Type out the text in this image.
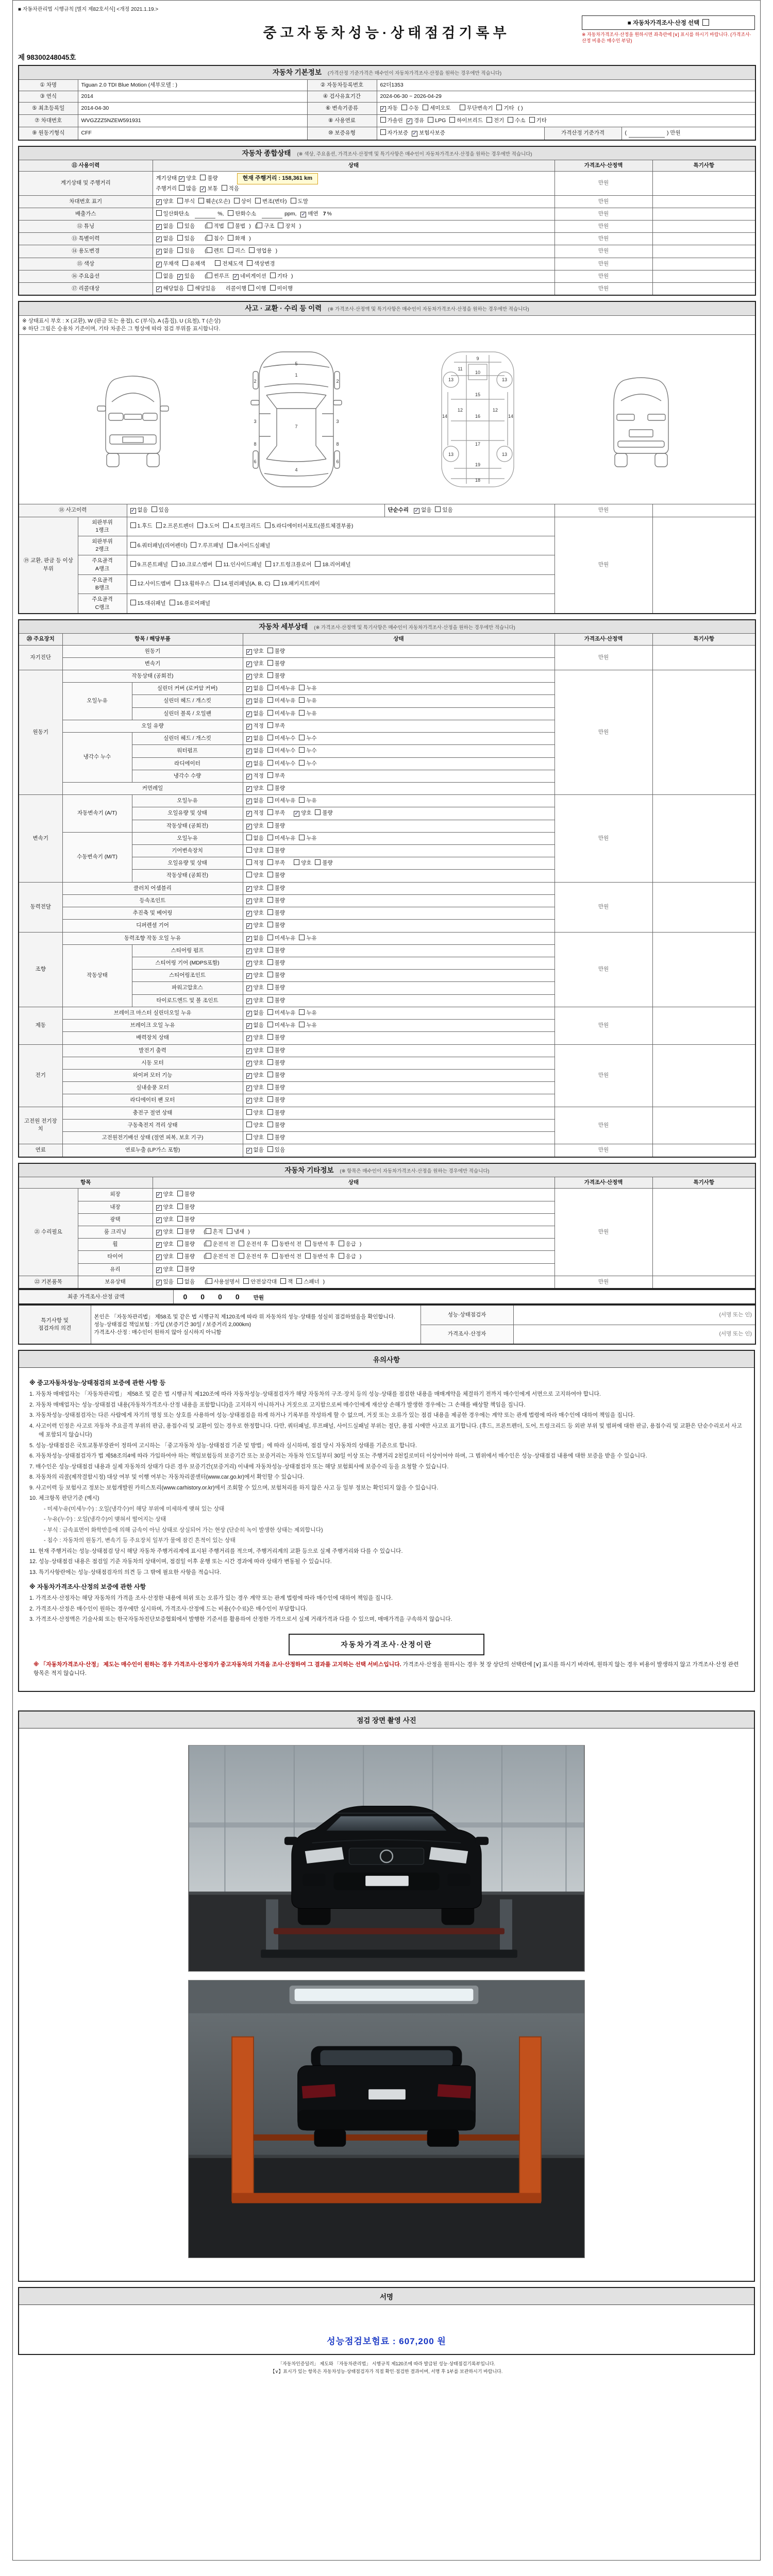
■ 자동차관리법 시행규칙 [별지 제82호서식] <개정 2021.1.19.>
중고자동차성능·상태점검기록부
■ 자동차가격조사·산정 선택
※ 자동차가격조사·산정을 원하시면 좌측란에 [∨] 표시를 하시기 바랍니다. (가격조사·산정 비용은 매수인 부담)
제 98300248045호
자동차 기본정보 (가격산정 기준가격은 매수인이 자동차가격조사·산정을 원하는 경우에만 적습니다)					
① 차명	Tiguan 2.0 TDI Blue Motion (세부모델 : )	② 자동차등록번호	62더1353		
③ 연식	2014	④ 검사유효기간	2024-06-30 ~ 2026-04-29		
⑤ 최초등록일	2014-04-30	⑥ 변속기종류	✓ 자동 수동 세미오토 무단변속기 기타 ( )		
⑦ 차대번호	WVGZZZ5NZEW591931	⑧ 사용연료	가솔린 ✓ 경유 LPG 하이브리드 전기 수소 기타		
⑨ 원동기형식	CFF	⑩ 보증유형	자가보증 ✓ 보험사보증	가격산정 기준가격	( ) 만원
자동차 종합상태 (※ 색상, 주요옵션, 가격조사·산정액 및 특기사항은 매수인이 자동차가격조사·산정을 원하는 경우에만 적습니다)			
⑪ 사용이력	상태	가격조사·산정액	특기사항
계기상태 및 주행거리	계기상태 ✓ 양호 불량 현재 주행거리 : 158,361 km
주행거리 많음 ✓ 보통 적음	만원	
차대번호 표기	✓ 양호 부식 훼손(오손) 상이 변조(변타) 도말	만원	
배출가스	일산화탄소 %, 탄화수소 ppm, ✓ 매연 7 %	만원	
⑫ 튜닝	✓ 없음 있음 ( 적법 불법 ) ( 구조 장치 )	만원	
⑬ 특별이력	✓ 없음 있음 ( 침수 화재 )	만원	
⑭ 용도변경	✓ 없음 있음 ( 렌트 리스 영업용 )	만원	
⑮ 색상	✓ 무채색 유채색 전체도색 색상변경	만원	
⑯ 주요옵션	없음 ✓ 있음 ( 썬루프 ✓ 네비게이션 기타 )	만원	
⑰ 리콜대상	✓ 해당없음 해당있음 리콜이행 이행 미이행	만원	
사고 · 교환 · 수리 등 이력 (※ 가격조사·산정액 및 특기사항은 매수인이 자동차가격조사·산정을 원하는 경우에만 적습니다)					

※ 상태표시 부호 : X (교환), W (판금 또는 용접), C (부식), A (흠집), U (요철), T (손상)
※ 하단 그림은 승용차 기준이며, 기타 차종은 그 형상에 따라 점검 부위를 표시합니다.					

5
1
2	2
3	3
7
8	8
6	6
4
9
10
11
13	13
15
12	12
14	14
16
17
13	13
19
18

⑱ 사고이력		✓ 없음 있음	단순수리 ✓ 없음 있음	만원	
⑲ 교환, 판금 등 이상 부위	외판부위
1랭크	1.후드 2.프론트펜더 3.도어 4.트렁크리드 5.라디에이터서포트(볼트체결부품)		만원	

	외판부위
2랭크	6.쿼터패널(리어펜더) 7.루프패널 8.사이드실패널			

	주요골격
A랭크	9.프론트패널 10.크로스멤버 11.인사이드패널 17.트렁크플로어 18.리어패널			

	주요골격
B랭크	12.사이드멤버 13.휠하우스 14.필러패널(A, B, C) 19.패키지트레이			

	주요골격
C랭크	15.대쉬패널 16.플로어패널			
자동차 세부상태 (※ 가격조사·산정액 및 특기사항은 매수인이 자동차가격조사·산정을 원하는 경우에만 적습니다)					
⑳ 주요장치	항목 / 해당부품		상태	가격조사·산정액	특기사항
자기진단	원동기		✓ 양호 불량	만원	
	변속기		✓ 양호 불량		
원동기	작동상태 (공회전)		✓ 양호 불량	만원	
	오일누유	실린더 커버 (로커암 커버)	✓ 없음 미세누유 누유		
		실린더 헤드 / 개스킷	✓ 없음 미세누유 누유		
		실린더 블록 / 오일팬	✓ 없음 미세누유 누유		
	오일 유량		✓ 적정 부족		
	냉각수 누수	실린더 헤드 / 개스킷	✓ 없음 미세누수 누수		
		워터펌프	✓ 없음 미세누수 누수		
		라디에이터	✓ 없음 미세누수 누수		
		냉각수 수량	✓ 적정 부족		
	커먼레일		✓ 양호 불량		
변속기	자동변속기 (A/T)	오일누유	✓ 없음 미세누유 누유	만원	
		오일유량 및 상태	✓ 적정 부족 ✓ 양호 불량		
		작동상태 (공회전)	✓ 양호 불량		
	수동변속기 (M/T)	오일누유	없음 미세누유 누유		
		기어변속장치	양호 불량		
		오일유량 및 상태	적정 부족 양호 불량		
		작동상태 (공회전)	양호 불량		
동력전달	클러치 어셈블리		✓ 양호 불량	만원	
	등속조인트		✓ 양호 불량		
	추진축 및 베어링		✓ 양호 불량		
	디퍼렌셜 기어		✓ 양호 불량		
조향	동력조향 작동 오일 누유		✓ 없음 미세누유 누유	만원	
	작동상태	스티어링 펌프	✓ 양호 불량		
		스티어링 기어 (MDPS포함)	✓ 양호 불량		
		스티어링조인트	✓ 양호 불량		
		파워고압호스	✓ 양호 불량		
		타이로드엔드 및 볼 조인트	✓ 양호 불량		
제동	브레이크 마스터 실린더오일 누유		✓ 없음 미세누유 누유	만원	
	브레이크 오일 누유		✓ 없음 미세누유 누유		
	배력장치 상태		✓ 양호 불량		
전기	발전기 출력		✓ 양호 불량	만원	
	시동 모터		✓ 양호 불량		
	와이퍼 모터 기능		✓ 양호 불량		
	실내송풍 모터		✓ 양호 불량		
	라디에이터 팬 모터		✓ 양호 불량		
고전원 전기장치	충전구 절연 상태		양호 불량	만원	
	구동축전지 격리 상태		양호 불량		
	고전원전기배선 상태 (절연 피복, 보호 기구)		양호 불량		
연료	연료누출 (LP가스 포함)		✓ 없음 있음	만원	
자동차 기타정보 (※ 항목은 매수인이 자동차가격조사·산정을 원하는 경우에만 적습니다)				
항목		상태	가격조사·산정액	특기사항
㉑ 수리필요	외장	✓ 양호 불량	만원	
	내장	✓ 양호 불량		
	광택	✓ 양호 불량		
	룸 크리닝	✓ 양호 불량 ( 흔적 냄새 )		
	휠	✓ 양호 불량 ( 운전석 전 운전석 후 동반석 전 동반석 후 응급 )		
	타이어	✓ 양호 불량 ( 운전석 전 운전석 후 동반석 전 동반석 후 응급 )		
	유리	✓ 양호 불량		
㉒ 기본품목	보유상태	✓ 있음 없음 ( 사용설명서 안전삼각대 잭 스패너 )	만원	
최종 가격조사·산정 금액	0 0 0 0	만원
특기사항 및
점검자의 의견	본인은 「자동차관리법」 제58조 및 같은 법 시행규칙 제120조에 따라 위 자동차의 성능·상태를 성실히 점검하였음을 확인합니다.
성능·상태점검 책임보험 : 가입 (보증기간 30일 / 보증거리 2,000km)
가격조사·산정 : 매수인이 원하지 않아 실시하지 아니함	성능·상태점검자	(서명 또는 인)
		가격조사·산정자	(서명 또는 인)
유의사항
※ 중고자동차성능·상태점검의 보증에 관한 사항 등
1. 자동차 매매업자는 「자동차관리법」 제58조 및 같은 법 시행규칙 제120조에 따라 자동차성능·상태점검자가 해당 자동차의 구조·장치 등의 성능·상태를 점검한 내용을 매매계약을 체결하기 전까지 매수인에게 서면으로 고지하여야 합니다.
2. 자동차 매매업자는 성능·상태점검 내용(자동차가격조사·산정 내용을 포함합니다)을 고지하지 아니하거나 거짓으로 고지함으로써 매수인에게 재산상 손해가 발생한 경우에는 그 손해를 배상할 책임을 집니다.
3. 자동차성능·상태점검자는 다른 사람에게 자기의 명칭 또는 상호를 사용하여 성능·상태점검을 하게 하거나 기록부를 작성하게 할 수 없으며, 거짓 또는 오류가 있는 점검 내용을 제공한 경우에는 계약 또는 관계 법령에 따라 매수인에 대하여 책임을 집니다.
4. 사고이력 인정은 사고로 자동차 주요골격 부위의 판금, 용접수리 및 교환이 있는 경우로 한정합니다. 다만, 쿼터패널, 루프패널, 사이드실패널 부위는 절단, 용접 시에만 사고로 표기합니다. (후드, 프론트펜더, 도어, 트렁크리드 등 외판 부위 및 범퍼에 대한 판금, 용접수리 및 교환은 단순수리로서 사고에 포함되지 않습니다)
5. 성능·상태점검은 국토교통부장관이 정하여 고시하는 「중고자동차 성능·상태점검 기준 및 방법」에 따라 실시하며, 점검 당시 자동차의 상태를 기준으로 합니다.
6. 자동차성능·상태점검자가 법 제58조의4에 따라 가입하여야 하는 책임보험등의 보증기간 또는 보증거리는 자동차 인도일부터 30일 이상 또는 주행거리 2천킬로미터 이상이어야 하며, 그 범위에서 매수인은 성능·상태점검 내용에 대한 보증을 받을 수 있습니다.
7. 매수인은 성능·상태점검 내용과 실제 자동차의 상태가 다른 경우 보증기간(보증거리) 이내에 자동차성능·상태점검자 또는 해당 보험회사에 보증수리 등을 요청할 수 있습니다.
8. 자동차의 리콜(제작결함시정) 대상 여부 및 이행 여부는 자동차리콜센터(www.car.go.kr)에서 확인할 수 있습니다.
9. 사고이력 등 보험사고 정보는 보험개발원 카히스토리(www.carhistory.or.kr)에서 조회할 수 있으며, 보험처리를 하지 않은 사고 등 일부 정보는 확인되지 않을 수 있습니다.
10. 체크항목 판단기준 (예시)
- 미세누유(미세누수) : 오일(냉각수)이 해당 부위에 미세하게 맺혀 있는 상태
- 누유(누수) : 오일(냉각수)이 맺혀서 떨어지는 상태
- 부식 : 금속표면이 화학반응에 의해 금속이 아닌 상태로 상실되어 가는 현상 (단순히 녹이 발생한 상태는 제외합니다)
- 침수 : 자동차의 원동기, 변속기 등 주요장치 일부가 물에 잠긴 흔적이 있는 상태
11. 현재 주행거리는 성능·상태점검 당시 해당 자동차 주행거리계에 표시된 주행거리를 적으며, 주행거리계의 교환 등으로 실제 주행거리와 다를 수 있습니다.
12. 성능·상태점검 내용은 점검일 기준 자동차의 상태이며, 점검일 이후 운행 또는 시간 경과에 따라 상태가 변동될 수 있습니다.
13. 특기사항란에는 성능·상태점검자의 의견 등 그 밖에 필요한 사항을 적습니다.
※ 자동차가격조사·산정의 보증에 관한 사항
1. 가격조사·산정자는 해당 자동차의 가격을 조사·산정한 내용에 허위 또는 오류가 있는 경우 계약 또는 관계 법령에 따라 매수인에 대하여 책임을 집니다.
2. 가격조사·산정은 매수인이 원하는 경우에만 실시하며, 가격조사·산정에 드는 비용(수수료)은 매수인이 부담합니다.
3. 가격조사·산정액은 기술사회 또는 한국자동차진단보증협회에서 발행한 기준서를 활용하여 산정한 가격으로서 실제 거래가격과 다를 수 있으며, 매매가격을 구속하지 않습니다.
자동차가격조사·산정이란
※ 「자동차가격조사·산정」 제도는 매수인이 원하는 경우 가격조사·산정자가 중고자동차의 가격을 조사·산정하여 그 결과를 고지하는 선택 서비스입니다. 가격조사·산정을 원하시는 경우 첫 장 상단의 선택란에 [∨] 표시를 하시기 바라며, 원하지 않는 경우 비용이 발생하지 않고 가격조사·산정 관련 항목은 적지 않습니다.
점검 장면 촬영 사진
서명
성능점검보험료 : 607,200 원
「자동차인증딜러」 제도와 「자동차관리법」 시행규칙 제120조에 따라 발급된 성능·상태점검기록부입니다.
【∨】표시가 있는 항목은 자동차성능·상태점검자가 직접 확인·점검한 결과이며, 서명 후 1부를 보관하시기 바랍니다.
